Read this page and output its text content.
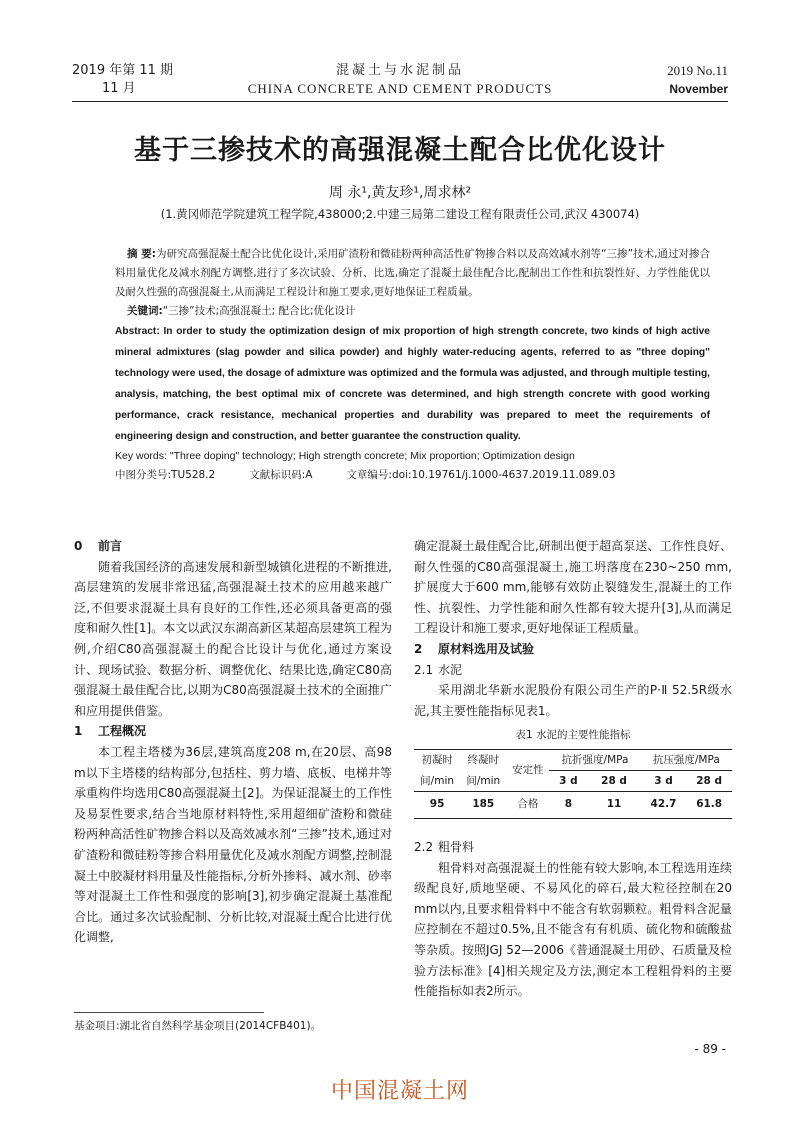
2019 年第 11 期
11 月
混凝土与水泥制品
CHINA CONCRETE AND CEMENT PRODUCTS
2019 No.11
November
基于三掺技术的高强混凝土配合比优化设计
周 永¹,黄友珍¹,周求林²
(1.黄冈师范学院建筑工程学院,438000;2.中建三局第二建设工程有限责任公司,武汉 430074)

摘 要:为研究高强混凝土配合比优化设计,采用矿渣粉和微硅粉两种高活性矿物掺合料以及高效减水剂等“三掺”技术,通过对掺合料用量优化及减水剂配方调整,进行了多次试验、分析、比选,确定了混凝土最佳配合比,配制出工作性和抗裂性好、力学性能优以及耐久性强的高强混凝土,从而满足工程设计和施工要求,更好地保证工程质量。

关键词:“三掺”技术;高强混凝土; 配合比;优化设计

Abstract: In order to study the optimization design of mix proportion of high strength concrete, two kinds of high active mineral admixtures (slag powder and silica powder) and highly water-reducing agents, referred to as "three doping" technology were used, the dosage of admixture was optimized and the formula was adjusted, and through multiple testing, analysis, matching, the best optimal mix of concrete was determined, and high strength concrete with good working performance, crack resistance, mechanical properties and durability was prepared to meet the requirements of engineering design and construction, and better guarantee the construction quality.

Key words: "Three doping" technology; High strength concrete; Mix proportion; Optimization design

中图分类号:TU528.2	文献标识码:A	文章编号:doi:10.19761/j.1000-4637.2019.11.089.03

0 前言

随着我国经济的高速发展和新型城镇化进程的不断推进,高层建筑的发展非常迅猛,高强混凝土技术的应用越来越广泛,不但要求混凝土具有良好的工作性,还必须具备更高的强度和耐久性[1]。本文以武汉东湖高新区某超高层建筑工程为例,介绍C80高强混凝土的配合比设计与优化,通过方案设计、现场试验、数据分析、调整优化、结果比选,确定C80高强混凝土最佳配合比,以期为C80高强混凝土技术的全面推广和应用提供借鉴。

1 工程概况

本工程主塔楼为36层,建筑高度208 m,在20层、高98 m以下主塔楼的结构部分,包括柱、剪力墙、底板、电梯井等承重构件均选用C80高强混凝土[2]。为保证混凝土的工作性及易泵性要求,结合当地原材料特性,采用超细矿渣粉和微硅粉两种高活性矿物掺合料以及高效减水剂“三掺”技术,通过对矿渣粉和微硅粉等掺合料用量优化及减水剂配方调整,控制混凝土中胶凝材料用量及性能指标,分析外掺料、减水剂、砂率等对混凝土工作性和强度的影响[3],初步确定混凝土基准配合比。通过多次试验配制、分析比较,对混凝土配合比进行优化调整,

确定混凝土最佳配合比,研制出便于超高泵送、工作性良好、耐久性强的C80高强混凝土,施工坍落度在230~250 mm,扩展度大于600 mm,能够有效防止裂缝发生,混凝土的工作性、抗裂性、力学性能和耐久性都有较大提升[3],从而满足工程设计和施工要求,更好地保证工程质量。

2 原材料选用及试验
2.1 水泥

采用湖北华新水泥股份有限公司生产的P·Ⅱ 52.5R级水泥,其主要性能指标见表1。

表1 水泥的主要性能指标
初凝时	终凝时	安定性	抗折强度/MPa		抗压强度/MPa	
间/min	间/min		3 d	28 d	3 d	28 d
95	185	合格	8	11	42.7	61.8
2.2 粗骨料

粗骨料对高强混凝土的性能有较大影响,本工程选用连续级配良好,质地坚硬、不易风化的碎石,最大粒径控制在20 mm以内,且要求粗骨料中不能含有软弱颗粒。粗骨料含泥量应控制在不超过0.5%,且不能含有有机质、硫化物和硫酸盐等杂质。按照JGJ 52—2006《普通混凝土用砂、石质量及检验方法标准》[4]相关规定及方法,测定本工程粗骨料的主要性能指标如表2所示。

基金项目:湖北省自然科学基金项目(2014CFB401)。
- 89 -
中国混凝土网
